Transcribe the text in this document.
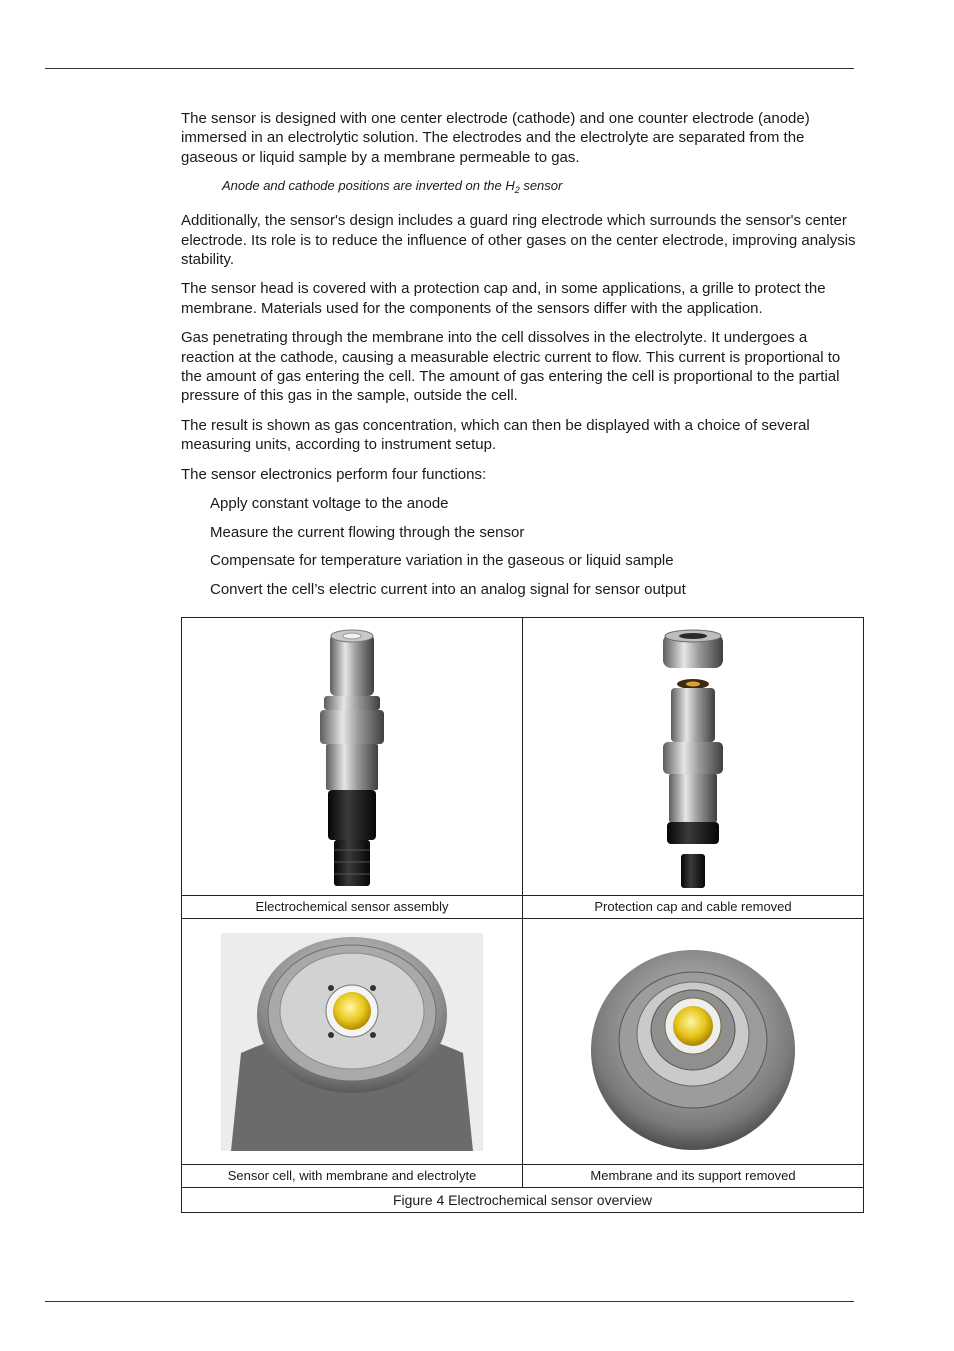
The sensor is designed with one center electrode (cathode) and one counter electrode (anode) immersed in an electrolytic solution. The electrodes and the electrolyte are separated from the gaseous or liquid sample by a membrane permeable to gas.

Anode and cathode positions are inverted on the $H_2$ sensor

Additionally, the sensor's design includes a guard ring electrode which surrounds the sensor's center electrode. Its role is to reduce the influence of other gases on the center electrode, improving analysis stability.

The sensor head is covered with a protection cap and, in some applications, a grille to protect the membrane. Materials used for the components of the sensors differ with the application.

Gas penetrating through the membrane into the cell dissolves in the electrolyte. It undergoes a reaction at the cathode, causing a measurable electric current to flow. This current is proportional to the amount of gas entering the cell. The amount of gas entering the cell is proportional to the partial pressure of this gas in the sample, outside the cell.

The result is shown as gas concentration, which can then be displayed with a choice of several measuring units, according to instrument setup.

The sensor electronics perform four functions:

Apply constant voltage to the anode
Measure the current flowing through the sensor
Compensate for temperature variation in the gaseous or liquid sample
Convert the cell’s electric current into an analog signal for sensor output

Electrochemical sensor assembly	Protection cap and cable removed

Sensor cell, with membrane and electrolyte	Membrane and its support removed
Figure 4 Electrochemical sensor overview	
